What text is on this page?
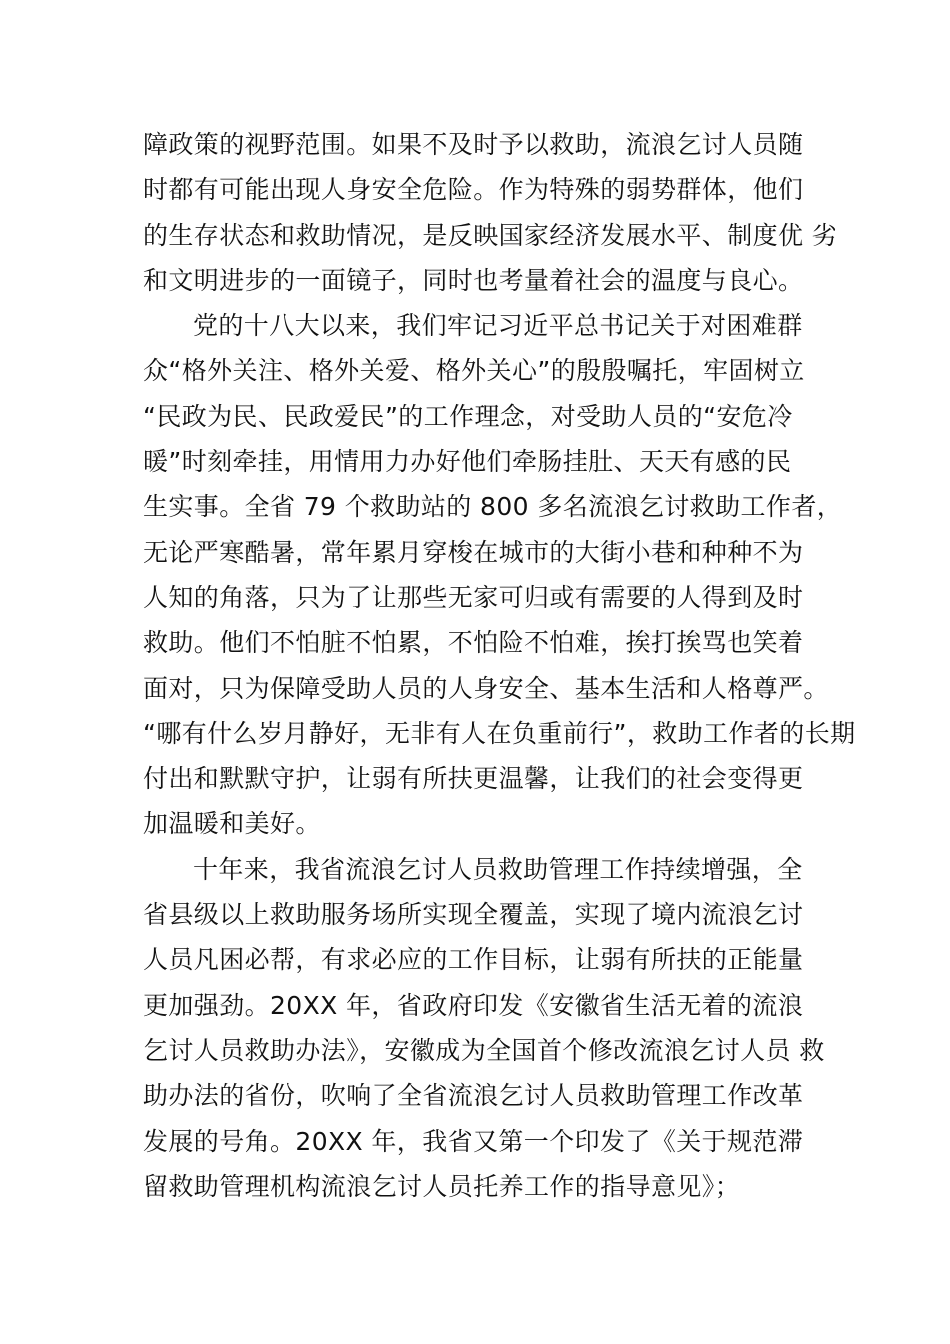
障政策的视野范围。如果不及时予以救助，流浪乞讨人员随
时都有可能出现人身安全危险。作为特殊的弱势群体，他们
的生存状态和救助情况，是反映国家经济发展水平、制度优 劣
和文明进步的一面镜子，同时也考量着社会的温度与良心。
党的十八大以来，我们牢记习近平总书记关于对困难群
众“格外关注、格外关爱、格外关心”的殷殷嘱托，牢固树立
“民政为民、民政爱民”的工作理念，对受助人员的“安危冷
暖”时刻牵挂，用情用力办好他们牵肠挂肚、天天有感的民
生实事。全省 79 个救助站的 800 多名流浪乞讨救助工作者，
无论严寒酷暑，常年累月穿梭在城市的大街小巷和种种不为
人知的角落，只为了让那些无家可归或有需要的人得到及时
救助。他们不怕脏不怕累，不怕险不怕难，挨打挨骂也笑着
面对，只为保障受助人员的人身安全、基本生活和人格尊严。
“哪有什么岁月静好，无非有人在负重前行”，救助工作者的长期
付出和默默守护，让弱有所扶更温馨，让我们的社会变得更
加温暖和美好。
十年来，我省流浪乞讨人员救助管理工作持续增强，全
省县级以上救助服务场所实现全覆盖，实现了境内流浪乞讨
人员凡困必帮，有求必应的工作目标，让弱有所扶的正能量
更加强劲。20XX 年，省政府印发《安徽省生活无着的流浪
乞讨人员救助办法》，安徽成为全国首个修改流浪乞讨人员 救
助办法的省份，吹响了全省流浪乞讨人员救助管理工作改革
发展的号角。20XX 年，我省又第一个印发了《关于规范滞
留救助管理机构流浪乞讨人员托养工作的指导意见》；
